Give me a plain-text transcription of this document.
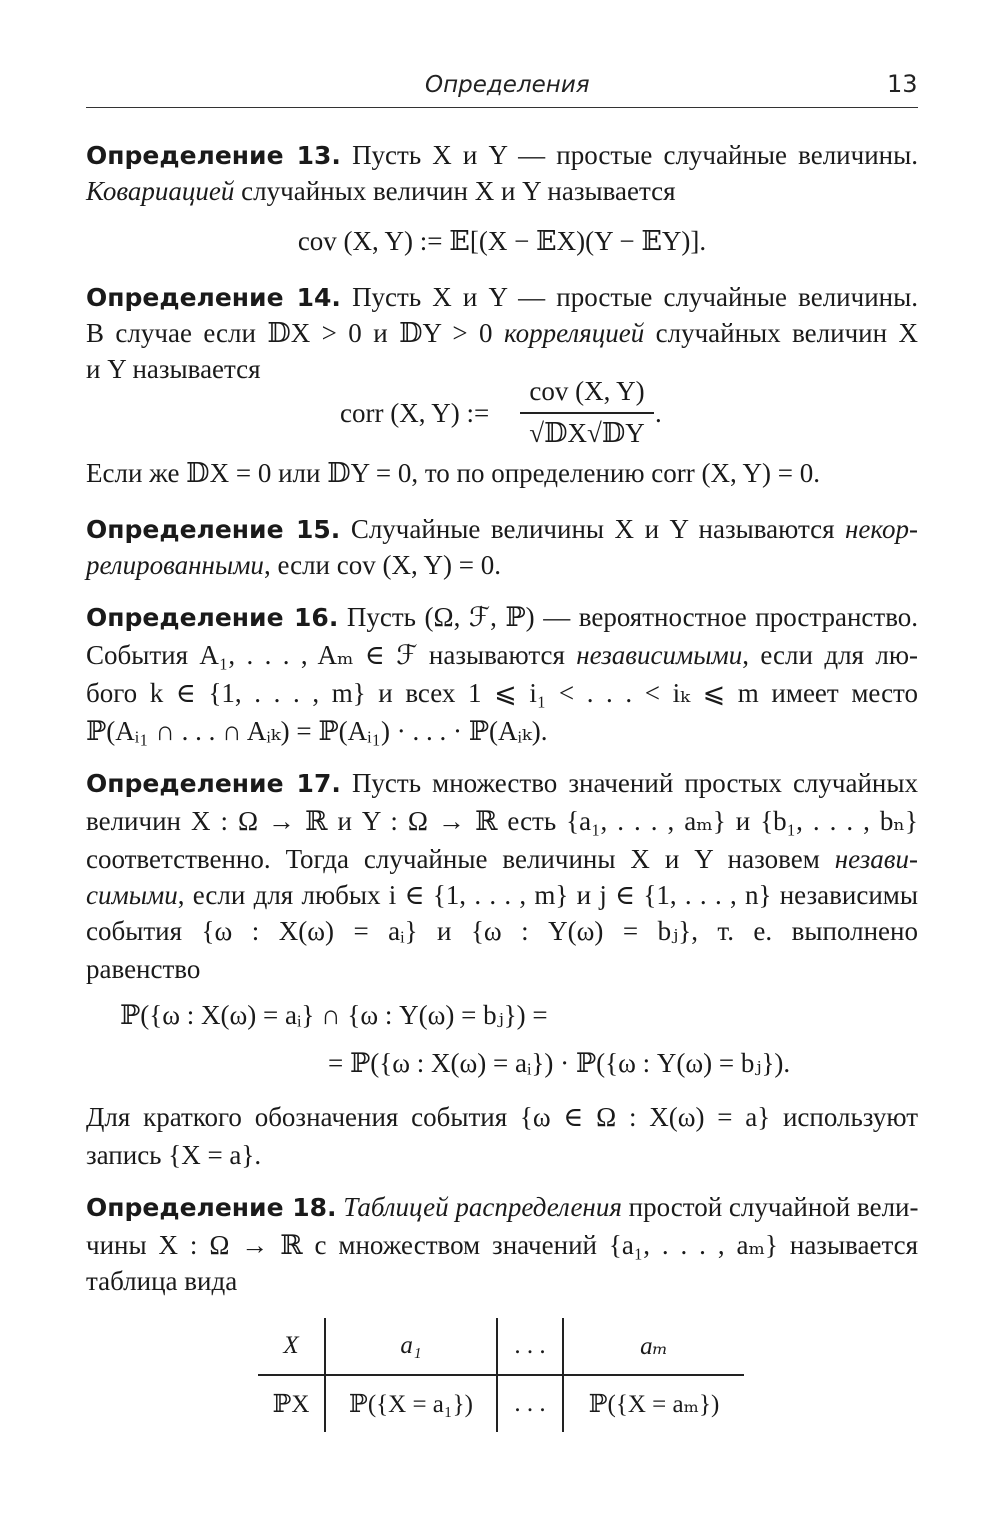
Определения	13
Определение 13. Пусть X и Y — простые случайные величины.
Ковариацией случайных величин X и Y называется
cov (X, Y) := 𝔼[(X − 𝔼X)(Y − 𝔼Y)].
Определение 14. Пусть X и Y — простые случайные величины.
В случае если 𝔻X > 0 и 𝔻Y > 0 корреляцией случайных величин X
и Y называется
corr (X, Y) :=
cov (X, Y)
√𝔻X√𝔻Y
.
Если же 𝔻X = 0 или 𝔻Y = 0, то по определению corr (X, Y) = 0.
Определение 15. Случайные величины X и Y называются некор-
релированными, если cov (X, Y) = 0.
Определение 16. Пусть (Ω, ℱ, ℙ) — вероятностное пространство.
События A₁, . . . , Aₘ ∈ ℱ называются независимыми, если для лю-
бого k ∈ {1, . . . , m} и всех 1 ⩽ i₁ < . . . < iₖ ⩽ m имеет место
ℙ(Aᵢ₁ ∩ . . . ∩ Aᵢₖ) = ℙ(Aᵢ₁) · . . . · ℙ(Aᵢₖ).
Определение 17. Пусть множество значений простых случайных
величин X : Ω → ℝ и Y : Ω → ℝ есть {a₁, . . . , aₘ} и {b₁, . . . , bₙ}
соответственно. Тогда случайные величины X и Y назовем незави-
симыми, если для любых i ∈ {1, . . . , m} и j ∈ {1, . . . , n} независимы
события {ω : X(ω) = aᵢ} и {ω : Y(ω) = bⱼ}, т. е. выполнено
равенство
ℙ({ω : X(ω) = aᵢ} ∩ {ω : Y(ω) = bⱼ}) =
= ℙ({ω : X(ω) = aᵢ}) · ℙ({ω : Y(ω) = bⱼ}).
Для краткого обозначения события {ω ∈ Ω : X(ω) = a} используют
запись {X = a}.
Определение 18. Таблицей распределения простой случайной вели-
чины X : Ω → ℝ с множеством значений {a₁, . . . , aₘ} называется
таблица вида
X	a₁	. . .	aₘ
ℙX	ℙ({X = a₁})	. . .	ℙ({X = aₘ})
